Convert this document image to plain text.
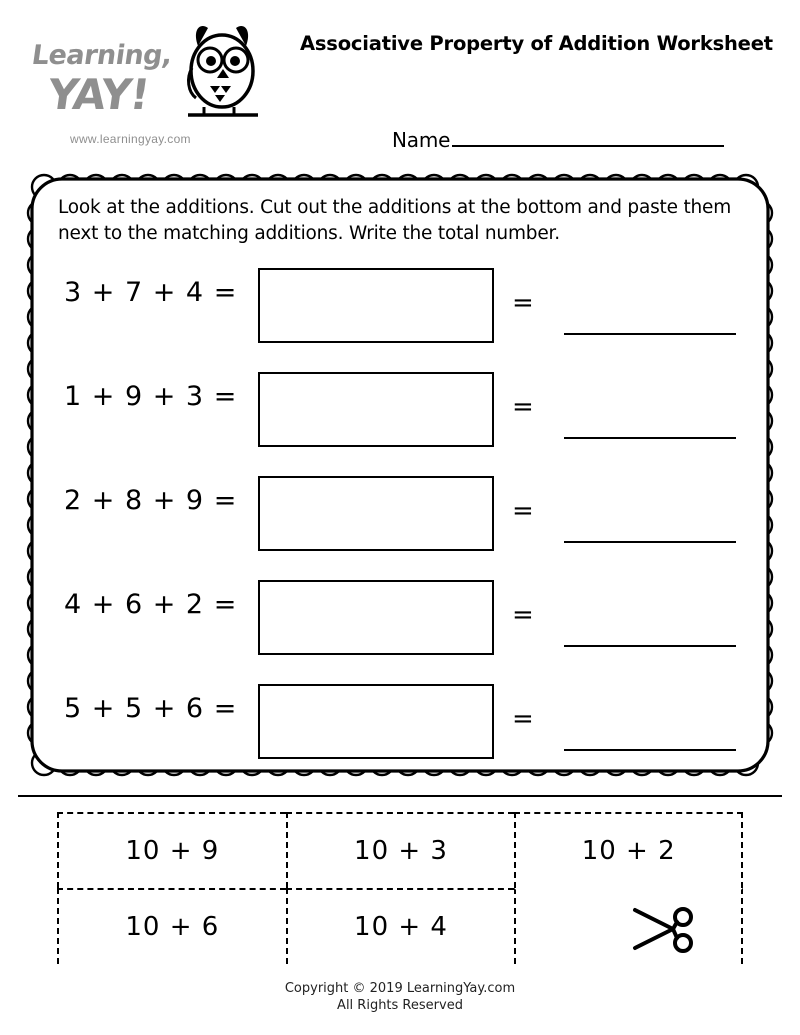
Learning,
YAY!
www.learningyay.com
Associative Property of Addition Worksheet
Name
Look at the additions. Cut out the additions at the bottom and paste them next to the matching additions. Write the total number.
3 + 7 + 4 =	=
1 + 9 + 3 =	=
2 + 8 + 9 =	=
4 + 6 + 2 =	=
5 + 5 + 6 =	=
10 + 9	10 + 3	10 + 2
10 + 6	10 + 4
Copyright © 2019 LearningYay.com
All Rights Reserved
